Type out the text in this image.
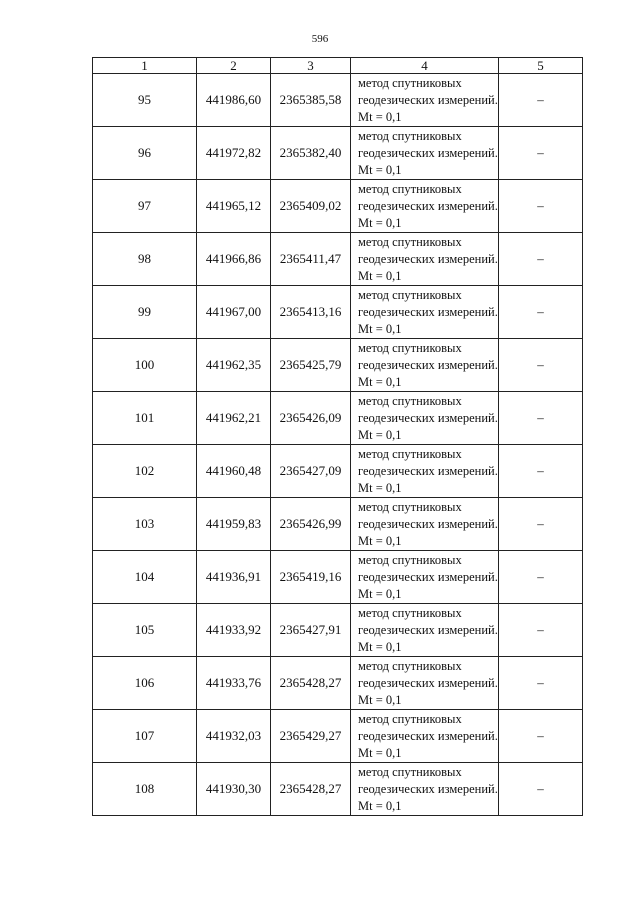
596
1	2	3	4	5
95	441986,60	2365385,58	метод спутниковых геодезических измерений. Mt = 0,1	–
96	441972,82	2365382,40	метод спутниковых геодезических измерений. Mt = 0,1	–
97	441965,12	2365409,02	метод спутниковых геодезических измерений. Mt = 0,1	–
98	441966,86	2365411,47	метод спутниковых геодезических измерений. Mt = 0,1	–
99	441967,00	2365413,16	метод спутниковых геодезических измерений. Mt = 0,1	–
100	441962,35	2365425,79	метод спутниковых геодезических измерений. Mt = 0,1	–
101	441962,21	2365426,09	метод спутниковых геодезических измерений. Mt = 0,1	–
102	441960,48	2365427,09	метод спутниковых геодезических измерений. Mt = 0,1	–
103	441959,83	2365426,99	метод спутниковых геодезических измерений. Mt = 0,1	–
104	441936,91	2365419,16	метод спутниковых геодезических измерений. Mt = 0,1	–
105	441933,92	2365427,91	метод спутниковых геодезических измерений. Mt = 0,1	–
106	441933,76	2365428,27	метод спутниковых геодезических измерений. Mt = 0,1	–
107	441932,03	2365429,27	метод спутниковых геодезических измерений. Mt = 0,1	–
108	441930,30	2365428,27	метод спутниковых геодезических измерений. Mt = 0,1	–
